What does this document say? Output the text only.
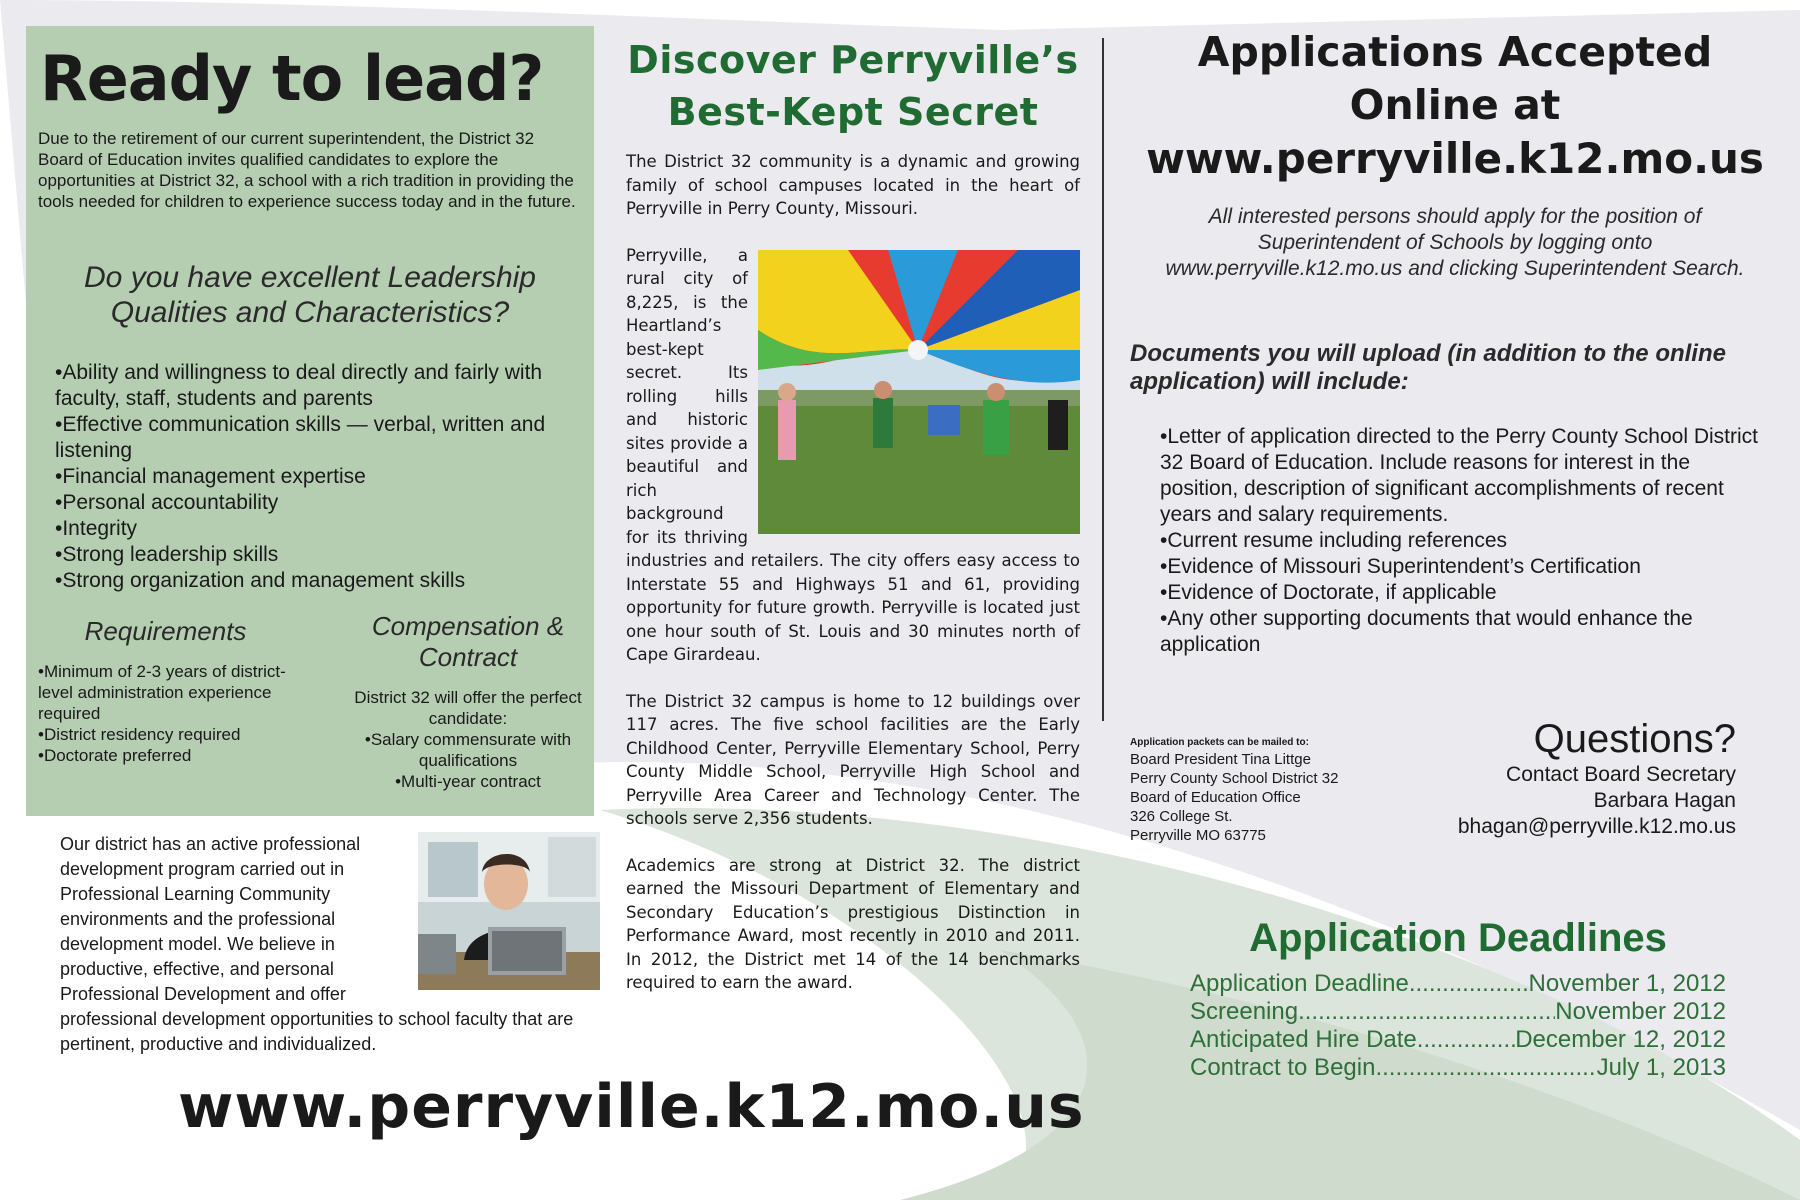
Ready to lead?

Due to the retirement of our current superintendent, the District 32 Board of Education invites qualified candidates to explore the opportunities at District 32, a school with a rich tradition in providing the tools needed for children to experience success today and in the future.

Do you have excellent Leadership Qualities and Characteristics?
•Ability and willingness to deal directly and fairly with faculty, staff, students and parents
•Effective communication skills — verbal, written and listening
•Financial management expertise
•Personal accountability
•Integrity
•Strong leadership skills
•Strong organization and management skills
Requirements
•Minimum of 2-3 years of district-level administration experience required
•District residency required
•Doctorate preferred
Compensation & Contract

District 32 will offer the perfect candidate:

•Salary commensurate with qualifications
•Multi-year contract

Our district has an active professional development program carried out in Professional Learning Community environments and the professional development model. We believe in productive, effective, and personal Professional Development and offer professional development opportunities to school faculty that are pertinent, productive and individualized.

www.perryville.k12.mo.us
Discover Perryville’s
Best-Kept Secret

The District 32 community is a dynamic and growing family of school campuses located in the heart of Perryville in Perry County, Missouri.

Perryville, a rural city of 8,225, is the Heartland’s best-kept secret. Its rolling hills and historic sites provide a beautiful and rich background for its thriving industries and retailers. The city offers easy access to Interstate 55 and Highways 51 and 61, providing opportunity for future growth. Perryville is located just one hour south of St. Louis and 30 minutes north of Cape Girardeau.

The District 32 campus is home to 12 buildings over 117 acres. The five school facilities are the Early Childhood Center, Perryville Elementary School, Perry County Middle School, Perryville High School and Perryville Area Career and Technology Center. The schools serve 2,356 students.

Academics are strong at District 32. The district earned the Missouri Department of Elementary and Secondary Education’s prestigious Distinction in Performance Award, most recently in 2010 and 2011. In 2012, the District met 14 of the 14 benchmarks required to earn the award.

Applications Accepted
Online at
www.perryville.k12.mo.us
All interested persons should apply for the position of Superintendent of Schools by logging onto www.perryville.k12.mo.us and clicking Superintendent Search.
Documents you will upload (in addition to the online application) will include:
•Letter of application directed to the Perry County School District 32 Board of Education. Include reasons for interest in the position, description of significant accomplishments of recent years and salary requirements.
•Current resume including references
•Evidence of Missouri Superintendent’s Certification
•Evidence of Doctorate, if applicable
•Any other supporting documents that would enhance the application
Application packets can be mailed to:
Board President Tina Littge
Perry County School District 32
Board of Education Office
326 College St.
Perryville MO 63775
Questions?
Contact Board Secretary
Barbara Hagan
bhagan@perryville.k12.mo.us
Application Deadlines
Application Deadline .....	November 1, 2012
Screening .....	November 2012
Anticipated Hire Date .....	December 12, 2012
Contract to Begin .....	July 1, 2013
